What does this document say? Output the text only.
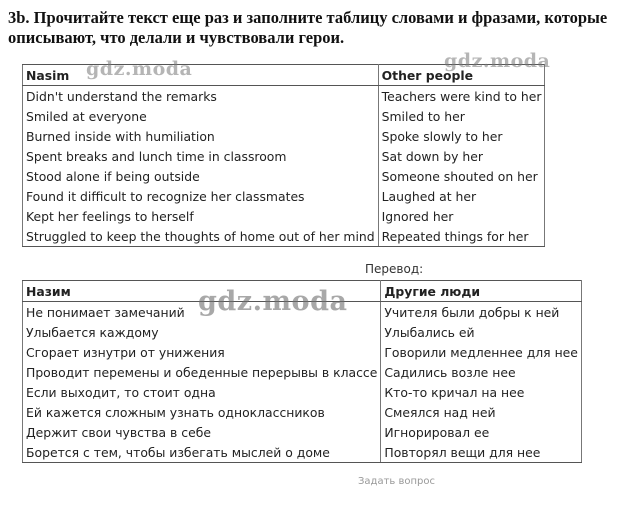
3b. Прочитайте текст еще раз и заполните таблицу словами и фразами, которые описывают, что делали и чувствовали герои.
Nasim	Other people
Didn't understand the remarks	Teachers were kind to her
Smiled at everyone	Smiled to her
Burned inside with humiliation	Spoke slowly to her
Spent breaks and lunch time in classroom	Sat down by her
Stood alone if being outside	Someone shouted on her
Found it difficult to recognize her classmates	Laughed at her
Kept her feelings to herself	Ignored her
Struggled to keep the thoughts of home out of her mind	Repeated things for her
Перевод:
Назим	Другие люди
Не понимает замечаний	Учителя были добры к ней
Улыбается каждому	Улыбались ей
Сгорает изнутри от унижения	Говорили медленнее для нее
Проводит перемены и обеденные перерывы в классе	Садились возле нее
Если выходит, то стоит одна	Кто-то кричал на нее
Ей кажется сложным узнать одноклассников	Смеялся над ней
Держит свои чувства в себе	Игнорировал ее
Борется с тем, чтобы избегать мыслей о доме	Повторял вещи для нее
gdz.moda	gdz.moda
gdz.moda
Задать вопрос
